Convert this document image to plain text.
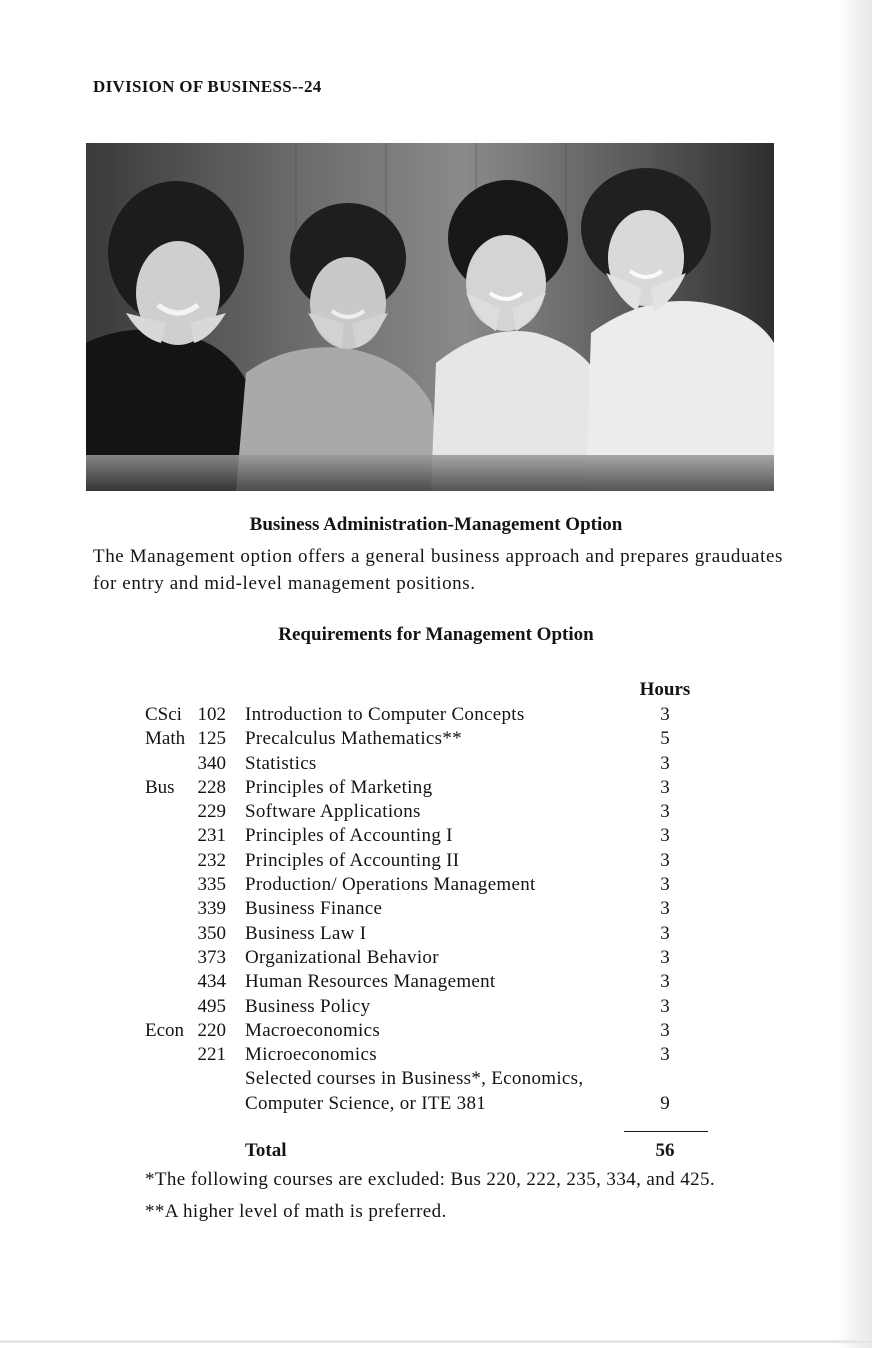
DIVISION OF BUSINESS--24
Business Administration-Management Option
The Management option offers a general business approach and prepares grauduates for entry and mid-level management positions.
Requirements for Management Option
Hours
CSci 102 Introduction to Computer Concepts	3
Math 125 Precalculus Mathematics**	5
340 Statistics	3
Bus	228 Principles of Marketing	3
229 Software Applications	3
231 Principles of Accounting I	3
232 Principles of Accounting II	3
335 Production/ Operations Management	3
339 Business Finance	3
350 Business Law I	3
373 Organizational Behavior	3
434 Human Resources Management	3
495 Business Policy	3
Econ 220 Macroeconomics	3
221 Microeconomics	3
Selected courses in Business*, Economics,
Computer Science, or ITE 381	9
Total	56
*The following courses are excluded: Bus 220, 222, 235, 334, and 425.
**A higher level of math is preferred.
